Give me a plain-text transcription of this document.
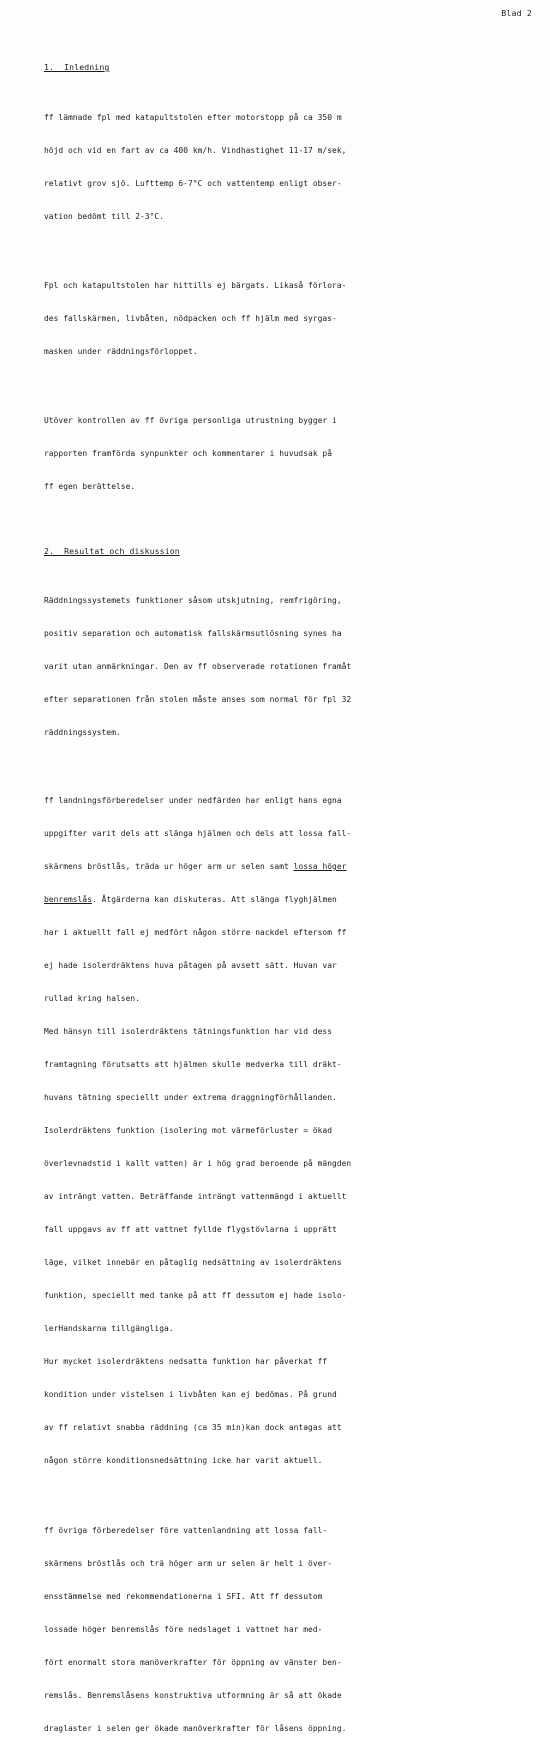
Blad 2
1.  Inledning

ff lämnade fpl med katapultstolen efter motorstopp på ca 350 m

höjd och vid en fart av ca 400 km/h. Vindhastighet 11-17 m/sek,

relativt grov sjö. Lufttemp 6-7°C och vattentemp enligt obser-

vation bedömt till 2-3°C.

Fpl och katapultstolen har hittills ej bärgats. Likaså förlora-

des fallskärmen, livbåten, nödpacken och ff hjälm med syrgas-

masken under räddningsförloppet.

Utöver kontrollen av ff övriga personliga utrustning bygger i

rapporten framförda synpunkter och kommentarer i huvudsak på

ff egen berättelse.

2.  Resultat och diskussion

Räddningssystemets funktioner såsom utskjutning, remfrigöring,

positiv separation och automatisk fallskärmsutlösning synes ha

varit utan anmärkningar. Den av ff observerade rotationen framåt

efter separationen från stolen måste anses som normal för fpl 32

räddningssystem.

ff landningsförberedelser under nedfärden har enligt hans egna

uppgifter varit dels att slänga hjälmen och dels att lossa fall-

skärmens bröstlås, träda ur höger arm ur selen samt lossa höger

benremslås. Åtgärderna kan diskuteras. Att slänga flyghjälmen

har i aktuellt fall ej medfört någon större nackdel eftersom ff

ej hade isolerdräktens huva påtagen på avsett sätt. Huvan var

rullad kring halsen.

Med hänsyn till isolerdräktens tätningsfunktion har vid dess

framtagning förutsatts att hjälmen skulle medverka till dräkt-

huvans tätning speciellt under extrema draggningförhållanden.

Isolerdräktens funktion (isolering mot värmeförluster = ökad

överlevnadstid i kallt vatten) är i hög grad beroende på mängden

av inträngt vatten. Beträffande inträngt vattenmängd i aktuellt

fall uppgavs av ff att vattnet fyllde flygstövlarna i upprätt

läge, vilket innebär en påtaglig nedsättning av isolerdräktens

funktion, speciellt med tanke på att ff dessutom ej hade isolo-

lerHandskarna tillgängliga.

Hur mycket isolerdräktens nedsatta funktion har påverkat ff

kondition under vistelsen i livbåten kan ej bedömas. På grund

av ff relativt snabba räddning (ca 35 min)kan dock antagas att

någon större konditionsnedsättning icke har varit aktuell.

ff övriga förberedelser före vattenlandning att lossa fall-

skärmens bröstlås och trä höger arm ur selen är helt i över-

ensstämmelse med rekommendationerna i SFI. Att ff dessutom

lossade höger benremslås före nedslaget i vattnet har med-

fört enormalt stora manöverkrafter för öppning av vänster ben-

remslås. Benremslåsens konstruktiva utformning är så att ökade

draglaster i selen ger ökade manöverkrafter för låsens öppning.
